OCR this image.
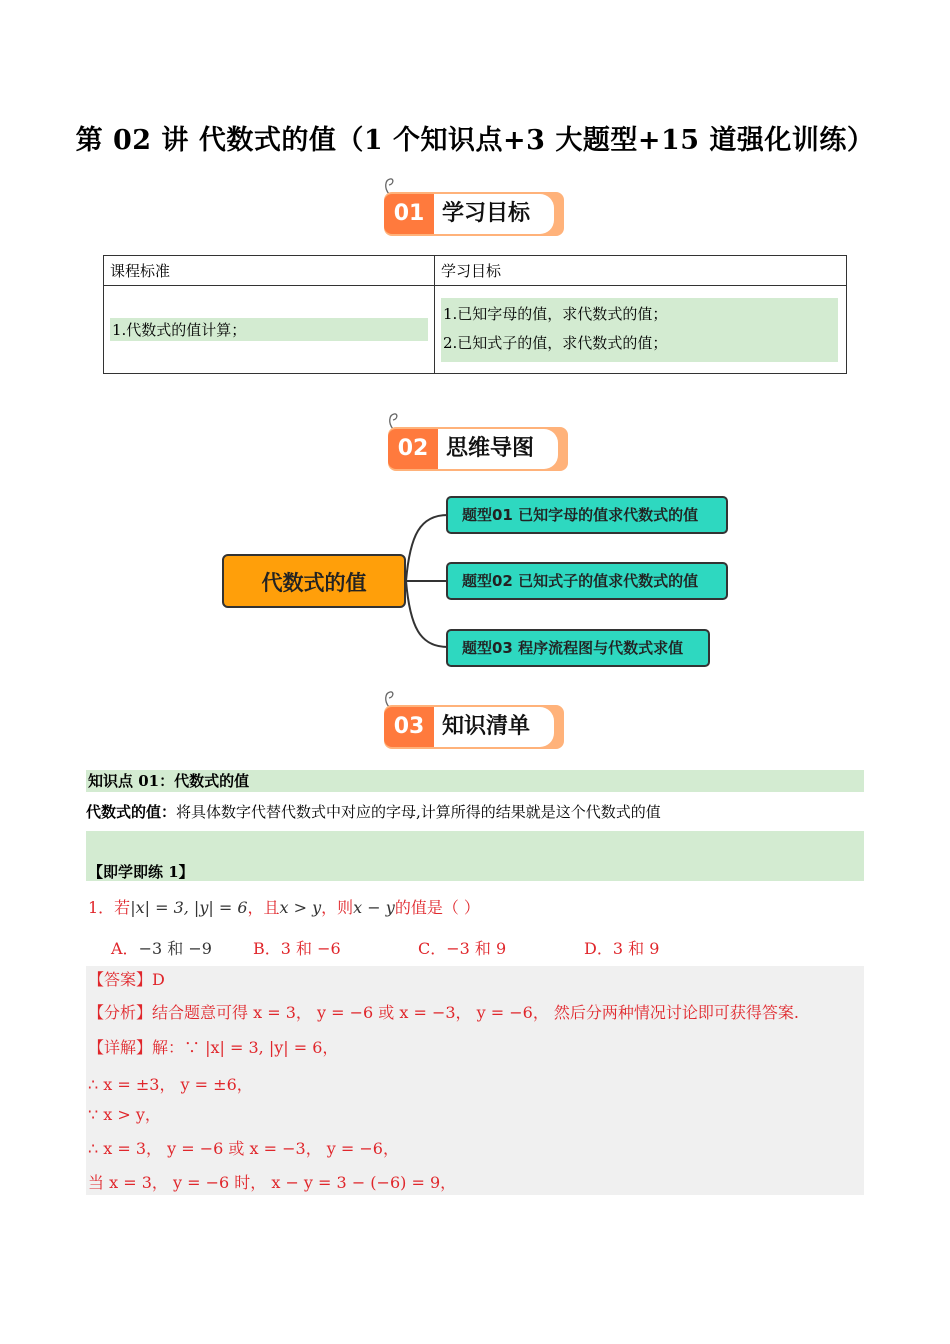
第 02 讲 代数式的值（1 个知识点+3 大题型+15 道强化训练）
01 学习目标
课程标准	学习目标

1.代数式的值计算；	1.已知字母的值，求代数式的值；
2.已知式子的值，求代数式的值；
02 思维导图
代数式的值
题型01 已知字母的值求代数式的值
题型02 已知式子的值求代数式的值
题型03 程序流程图与代数式求值
03 知识清单
知识点 01：代数式的值
代数式的值：将具体数字代替代数式中对应的字母,计算所得的结果就是这个代数式的值
【即学即练 1】
1．若|x| = 3, |y| = 6，且x > y，则x − y的值是（ ）
A．−3 和 −9	B．3 和 −6	C．−3 和 9	D．3 和 9
【答案】D
【分析】结合题意可得 x = 3， y = −6 或 x = −3， y = −6， 然后分两种情况讨论即可获得答案.
【详解】解：∵ |x| = 3, |y| = 6，
∴ x = ±3， y = ±6，
∵ x > y，
∴ x = 3， y = −6 或 x = −3， y = −6，
当 x = 3， y = −6 时， x − y = 3 − (−6) = 9，
